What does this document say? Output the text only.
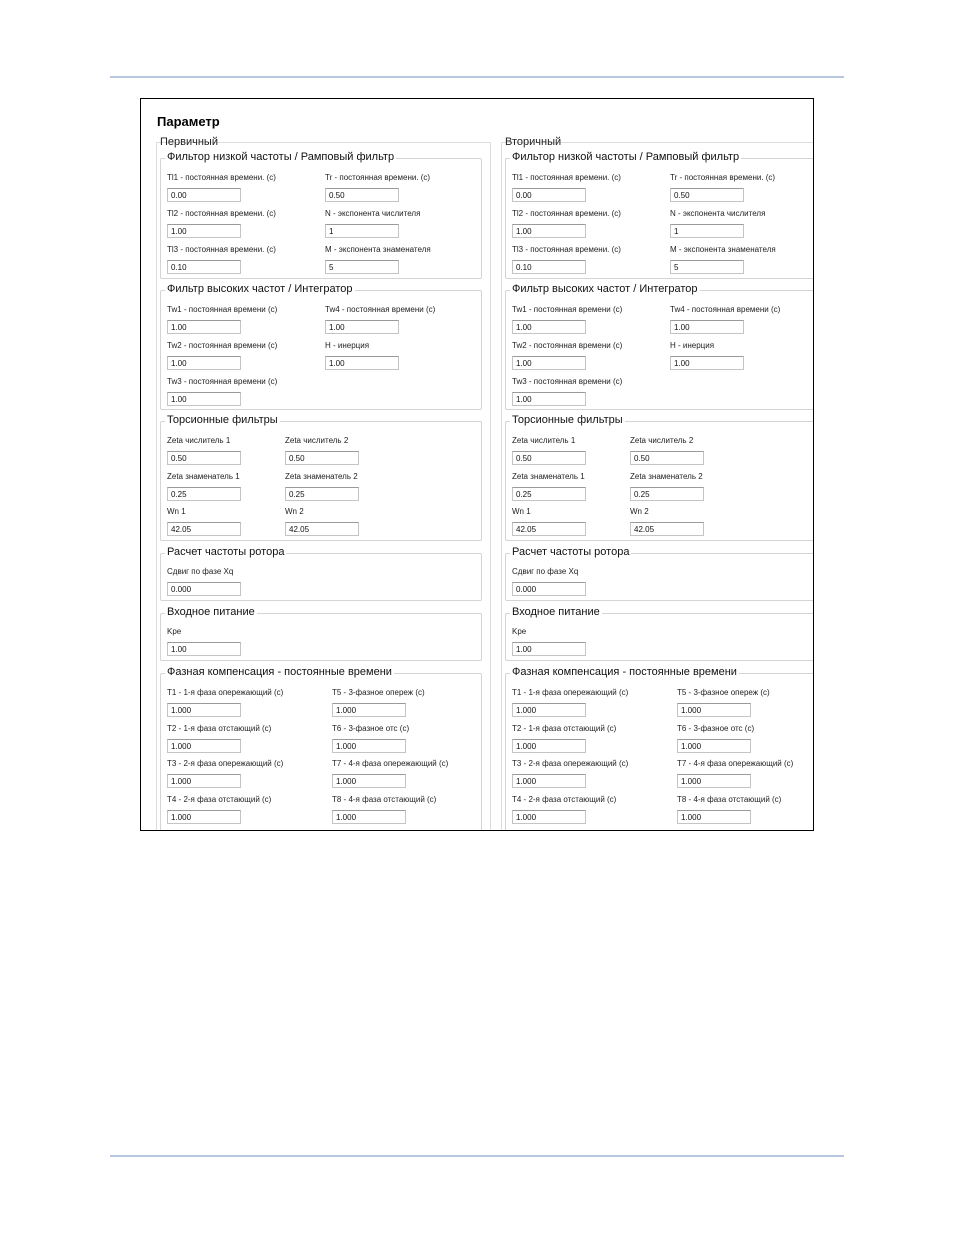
Параметр
Первичный
Фильтор низкой частоты / Рамповый фильтр
Tl1 - постоянная времени. (с)
0.00
Tr - постоянная времени. (с)
0.50
Tl2 - постоянная времени. (с)
1.00
N - экспонента числителя
1
Tl3 - постоянная времени. (с)
0.10
M - экспонента знаменателя
5
Фильтр высоких частот / Интегратор
Tw1 - постоянная времени (с)
1.00
Tw4 - постоянная времени (с)
1.00
Tw2 - постоянная времени (с)
1.00
H - инерция
1.00
Tw3 - постоянная времени (с)
1.00
Торсионные фильтры
Zeta числитель 1
0.50
Zeta числитель 2
0.50
Zeta знаменатель 1
0.25
Zeta знаменатель 2
0.25
Wn 1
42.05
Wn 2
42.05
Расчет частоты ротора
Сдвиг по фазе Xq
0.000
Входное питание
Kpe
1.00
Фазная компенсация - постоянные времени
T1 - 1-я фаза опережающий (с)
1.000
T5 - 3-фазное опереж (с)
1.000
T2 - 1-я фаза отстающий (с)
1.000
T6 - 3-фазное отс (с)
1.000
T3 - 2-я фаза опережающий (с)
1.000
T7 - 4-я фаза опережающий (с)
1.000
T4 - 2-я фаза отстающий (с)
1.000
T8 - 4-я фаза отстающий (с)
1.000
Вторичный
Фильтор низкой частоты / Рамповый фильтр
Tl1 - постоянная времени. (с)
0.00
Tr - постоянная времени. (с)
0.50
Tl2 - постоянная времени. (с)
1.00
N - экспонента числителя
1
Tl3 - постоянная времени. (с)
0.10
M - экспонента знаменателя
5
Фильтр высоких частот / Интегратор
Tw1 - постоянная времени (с)
1.00
Tw4 - постоянная времени (с)
1.00
Tw2 - постоянная времени (с)
1.00
H - инерция
1.00
Tw3 - постоянная времени (с)
1.00
Торсионные фильтры
Zeta числитель 1
0.50
Zeta числитель 2
0.50
Zeta знаменатель 1
0.25
Zeta знаменатель 2
0.25
Wn 1
42.05
Wn 2
42.05
Расчет частоты ротора
Сдвиг по фазе Xq
0.000
Входное питание
Kpe
1.00
Фазная компенсация - постоянные времени
T1 - 1-я фаза опережающий (с)
1.000
T5 - 3-фазное опереж (с)
1.000
T2 - 1-я фаза отстающий (с)
1.000
T6 - 3-фазное отс (с)
1.000
T3 - 2-я фаза опережающий (с)
1.000
T7 - 4-я фаза опережающий (с)
1.000
T4 - 2-я фаза отстающий (с)
1.000
T8 - 4-я фаза отстающий (с)
1.000
